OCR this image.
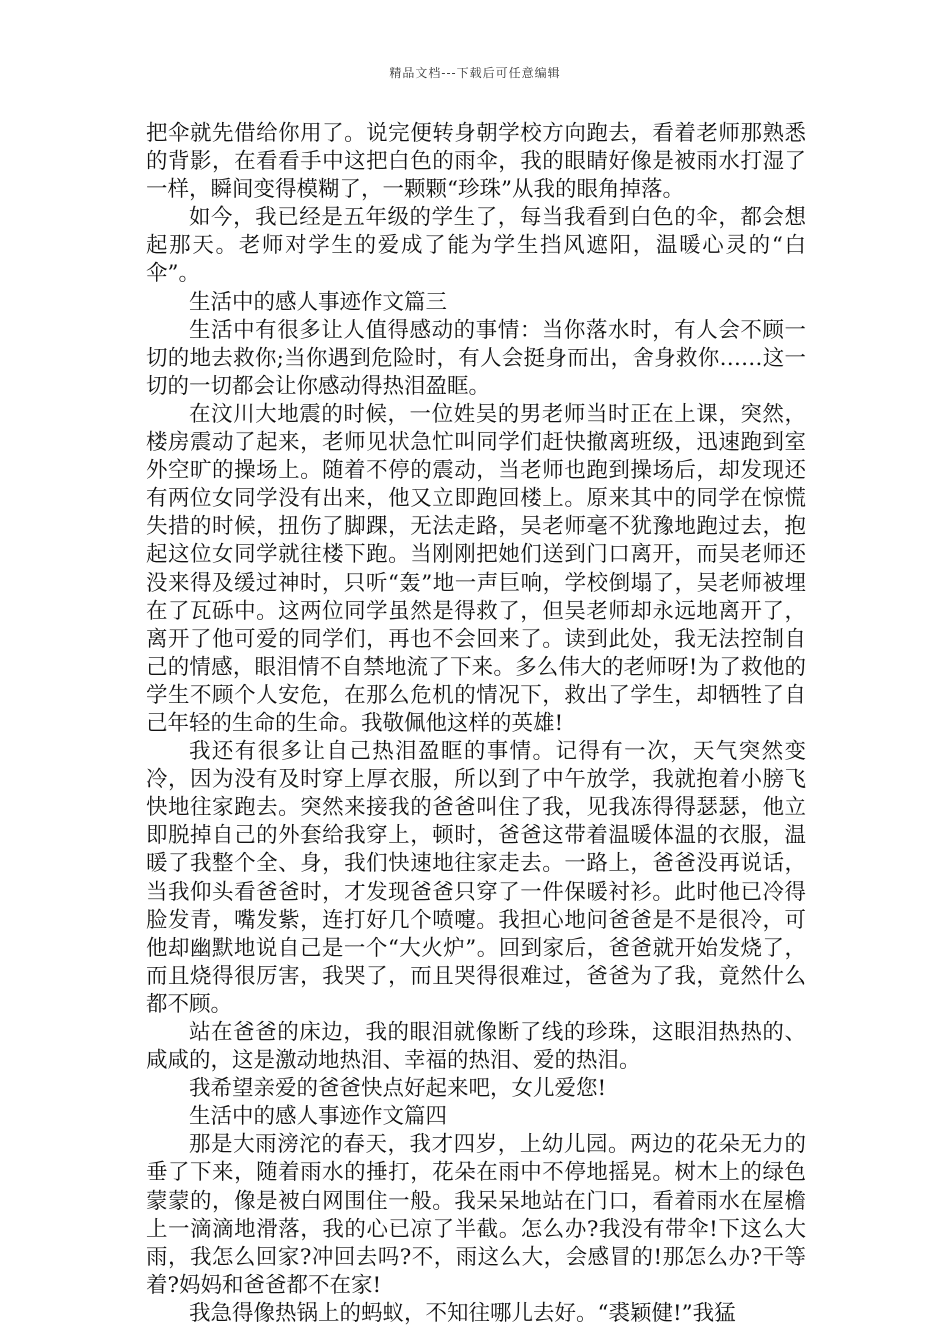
精品文档---下载后可任意编辑

把伞就先借给你用了。说完便转身朝学校方向跑去，看着老师那熟悉的背影，在看看手中这把白色的雨伞，我的眼睛好像是被雨水打湿了一样，瞬间变得模糊了，一颗颗“珍珠”从我的眼角掉落。

如今，我已经是五年级的学生了，每当我看到白色的伞，都会想起那天。老师对学生的爱成了能为学生挡风遮阳，温暖心灵的“白伞”。

生活中的感人事迹作文篇三

生活中有很多让人值得感动的事情：当你落水时，有人会不顾一切的地去救你;当你遇到危险时，有人会挺身而出，舍身救你……这一切的一切都会让你感动得热泪盈眶。

在汶川大地震的时候，一位姓吴的男老师当时正在上课，突然，楼房震动了起来，老师见状急忙叫同学们赶快撤离班级，迅速跑到室外空旷的操场上。随着不停的震动，当老师也跑到操场后，却发现还有两位女同学没有出来，他又立即跑回楼上。原来其中的同学在惊慌失措的时候，扭伤了脚踝，无法走路，吴老师毫不犹豫地跑过去，抱起这位女同学就往楼下跑。当刚刚把她们送到门口离开，而吴老师还没来得及缓过神时，只听“轰”地一声巨响，学校倒塌了，吴老师被埋在了瓦砾中。这两位同学虽然是得救了，但吴老师却永远地离开了，离开了他可爱的同学们，再也不会回来了。读到此处，我无法控制自己的情感，眼泪情不自禁地流了下来。多么伟大的老师呀!为了救他的学生不顾个人安危，在那么危机的情况下，救出了学生，却牺牲了自己年轻的生命的生命。我敬佩他这样的英雄!

我还有很多让自己热泪盈眶的事情。记得有一次，天气突然变冷，因为没有及时穿上厚衣服，所以到了中午放学，我就抱着小膀飞快地往家跑去。突然来接我的爸爸叫住了我，见我冻得得瑟瑟，他立即脱掉自己的外套给我穿上，顿时，爸爸这带着温暖体温的衣服，温暖了我整个全、身，我们快速地往家走去。一路上，爸爸没再说话，当我仰头看爸爸时，才发现爸爸只穿了一件保暖衬衫。此时他已冷得脸发青，嘴发紫，连打好几个喷嚏。我担心地问爸爸是不是很冷，可他却幽默地说自己是一个“大火炉”。回到家后，爸爸就开始发烧了，而且烧得很厉害，我哭了，而且哭得很难过，爸爸为了我，竟然什么都不顾。

站在爸爸的床边，我的眼泪就像断了线的珍珠，这眼泪热热的、咸咸的，这是激动地热泪、幸福的热泪、爱的热泪。

我希望亲爱的爸爸快点好起来吧，女儿爱您!

生活中的感人事迹作文篇四

那是大雨滂沱的春天，我才四岁，上幼儿园。两边的花朵无力的垂了下来，随着雨水的捶打，花朵在雨中不停地摇晃。树木上的绿色蒙蒙的，像是被白网围住一般。我呆呆地站在门口，看着雨水在屋檐上一滴滴地滑落，我的心已凉了半截。怎么办?我没有带伞!下这么大雨，我怎么回家?冲回去吗?不，雨这么大，会感冒的!那怎么办?干等着?妈妈和爸爸都不在家!

我急得像热锅上的蚂蚁，不知往哪儿去好。“裘颖健!”我猛
